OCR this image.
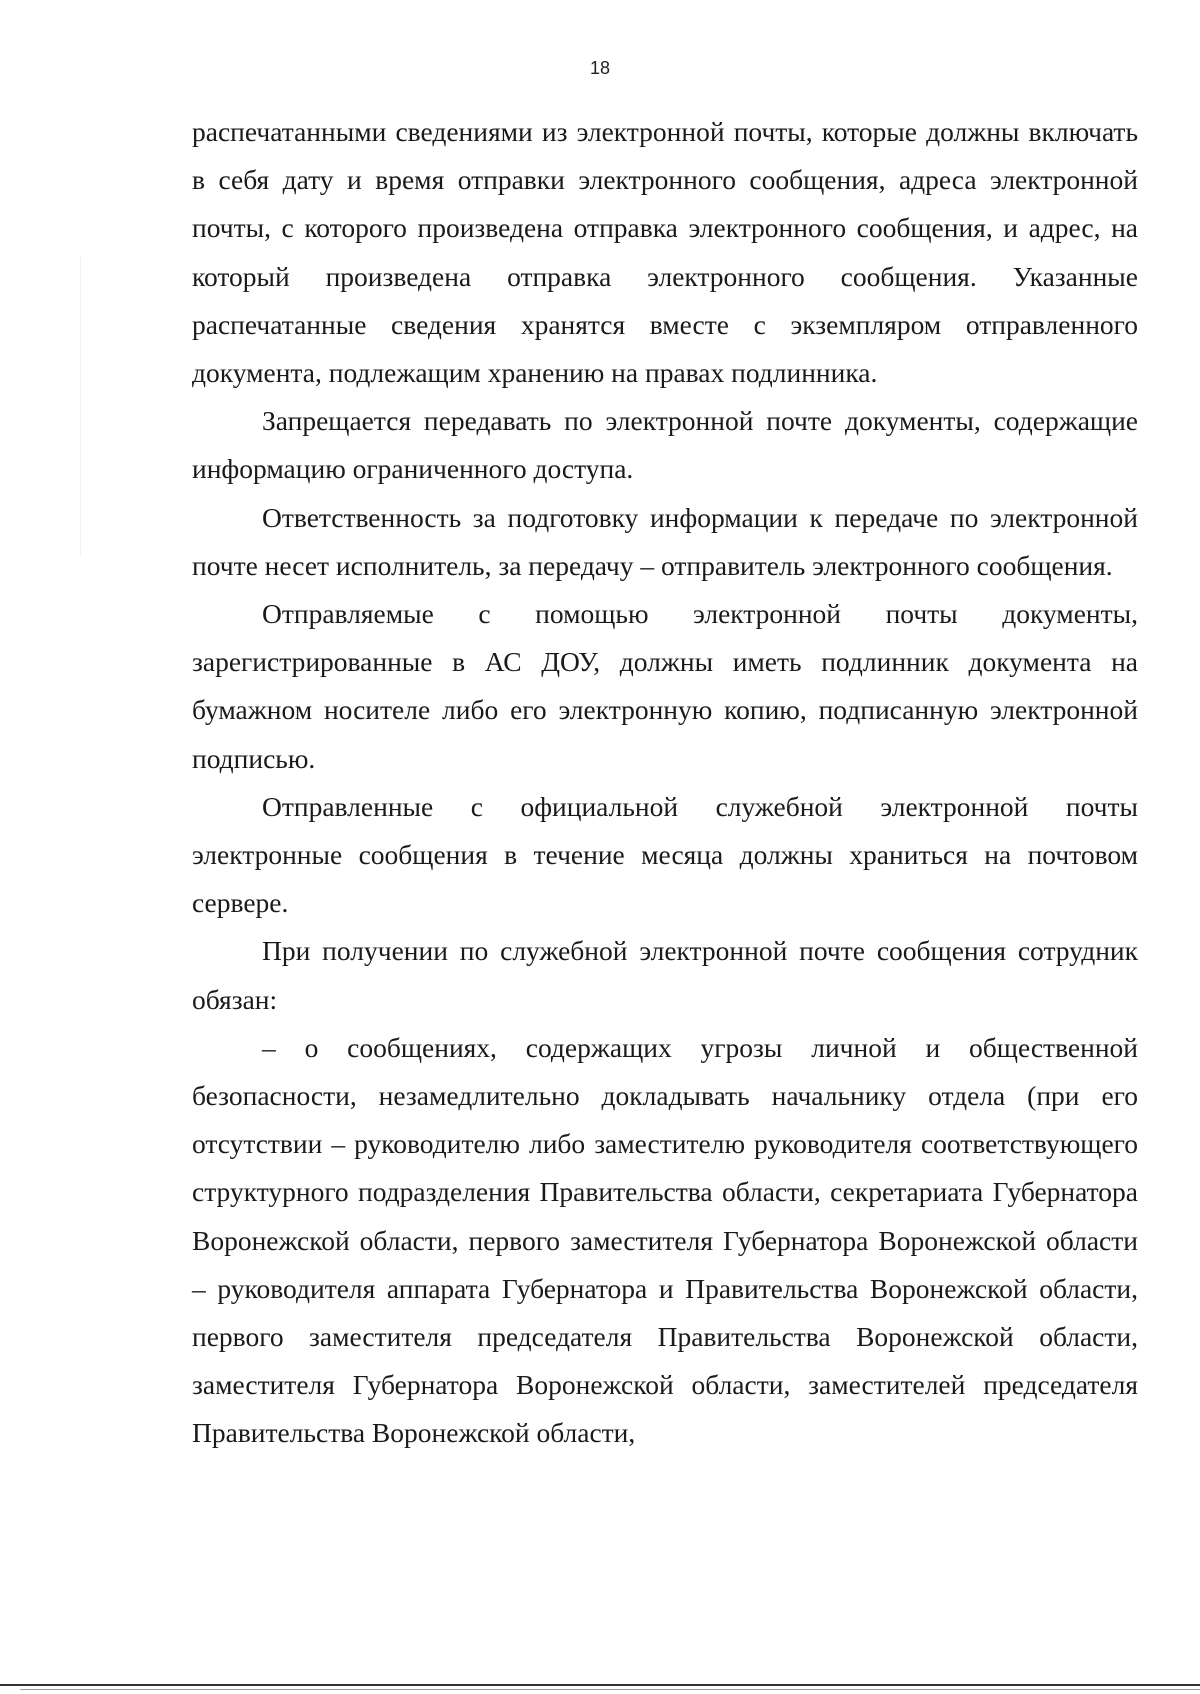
18

распечатанными сведениями из электронной почты, которые должны включать в себя дату и время отправки электронного сообщения, адреса электронной почты, с которого произведена отправка электронного сообщения, и адрес, на который произведена отправка электронного сообщения. Указанные распечатанные сведения хранятся вместе с экземпляром отправленного документа, подлежащим хранению на правах подлинника.

Запрещается передавать по электронной почте документы, содержащие информацию ограниченного доступа.

Ответственность за подготовку информации к передаче по электронной почте несет исполнитель, за передачу – отправитель электронного сообщения.

Отправляемые с помощью электронной почты документы, зарегистрированные в АС ДОУ, должны иметь подлинник документа на бумажном носителе либо его электронную копию, подписанную электронной подписью.

Отправленные с официальной служебной электронной почты электронные сообщения в течение месяца должны храниться на почтовом сервере.

При получении по служебной электронной почте сообщения сотрудник обязан:

– о сообщениях, содержащих угрозы личной и общественной безопасности, незамедлительно докладывать начальнику отдела (при его отсутствии – руководителю либо заместителю руководителя соответствующего структурного подразделения Правительства области, секретариата Губернатора Воронежской области, первого заместителя Губернатора Воронежской области – руководителя аппарата Губернатора и Правительства Воронежской области, первого заместителя председателя Правительства Воронежской области, заместителя Губернатора Воронежской области, заместителей председателя Правительства Воронежской области,
